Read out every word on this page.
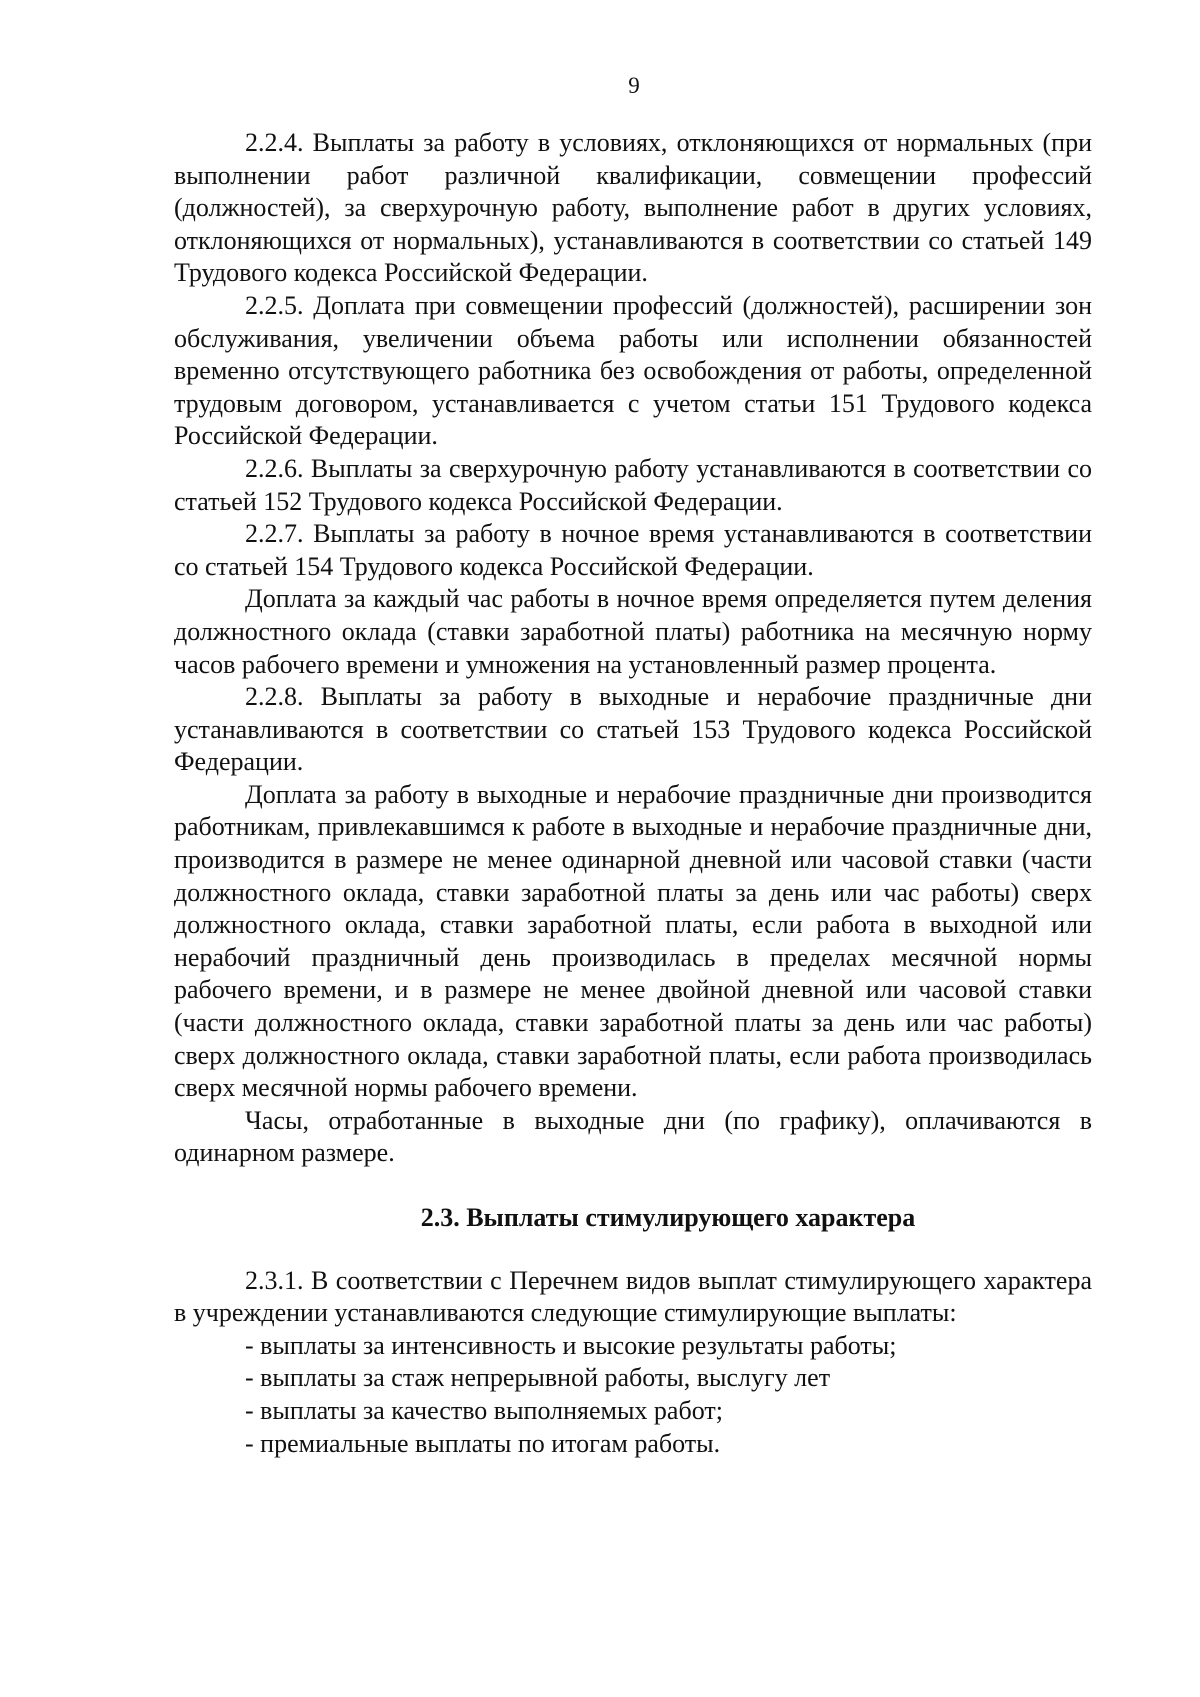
9

2.2.4. Выплаты за работу в условиях, отклоняющихся от нормальных (при выполнении работ различной квалификации, совмещении профессий (должностей), за сверхурочную работу, выполнение работ в других условиях, отклоняющихся от нормальных), устанавливаются в соответствии со статьей 149 Трудового кодекса Российской Федерации.

2.2.5. Доплата при совмещении профессий (должностей), расширении зон обслуживания, увеличении объема работы или исполнении обязанностей временно отсутствующего работника без освобождения от работы, определенной трудовым договором, устанавливается с учетом статьи 151 Трудового кодекса Российской Федерации.

2.2.6. Выплаты за сверхурочную работу устанавливаются в соответствии со статьей 152 Трудового кодекса Российской Федерации.

2.2.7. Выплаты за работу в ночное время устанавливаются в соответствии со статьей 154 Трудового кодекса Российской Федерации.

Доплата за каждый час работы в ночное время определяется путем деления должностного оклада (ставки заработной платы) работника на месячную норму часов рабочего времени и умножения на установленный размер процента.

2.2.8. Выплаты за работу в выходные и нерабочие праздничные дни устанавливаются в соответствии со статьей 153 Трудового кодекса Российской Федерации.

Доплата за работу в выходные и нерабочие праздничные дни производится работникам, привлекавшимся к работе в выходные и нерабочие праздничные дни, производится в размере не менее одинарной дневной или часовой ставки (части должностного оклада, ставки заработной платы за день или час работы) сверх должностного оклада, ставки заработной платы, если работа в выходной или нерабочий праздничный день производилась в пределах месячной нормы рабочего времени, и в размере не менее двойной дневной или часовой ставки (части должностного оклада, ставки заработной платы за день или час работы) сверх должностного оклада, ставки заработной платы, если работа производилась сверх месячной нормы рабочего времени.

Часы, отработанные в выходные дни (по графику), оплачиваются в одинарном размере.

2.3. Выплаты стимулирующего характера

2.3.1. В соответствии с Перечнем видов выплат стимулирующего характера в учреждении устанавливаются следующие стимулирующие выплаты:

- выплаты за интенсивность и высокие результаты работы;
- выплаты за стаж непрерывной работы, выслугу лет
- выплаты за качество выполняемых работ;
- премиальные выплаты по итогам работы.
